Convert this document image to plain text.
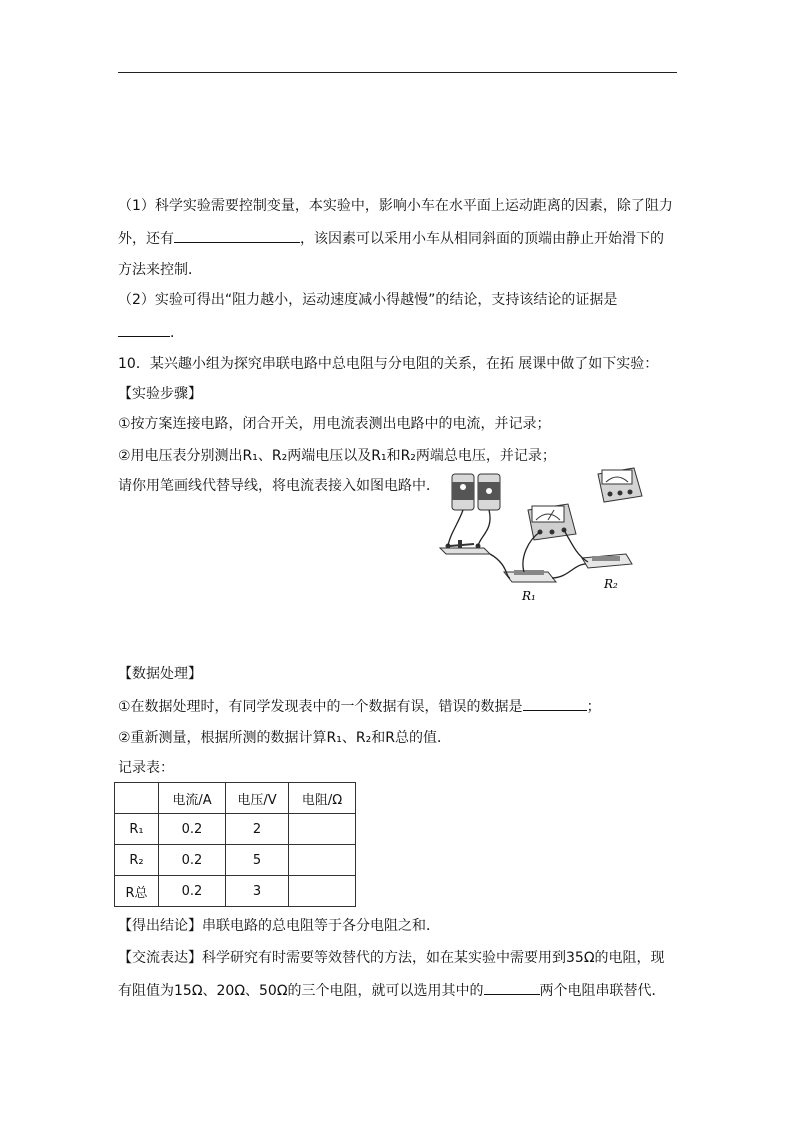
（1）科学实验需要控制变量，本实验中，影响小车在水平面上运动距离的因素，除了阻力
外，还有	，该因素可以采用小车从相同斜面的顶端由静止开始滑下的
方法来控制．
（2）实验可得出“阻力越小，运动速度减小得越慢”的结论，支持该结论的证据是
．
10．某兴趣小组为探究串联电路中总电阻与分电阻的关系，在拓 展课中做了如下实验：
【实验步骤】
①按方案连接电路，闭合开关，用电流表测出电路中的电流，并记录；
②用电压表分别测出R₁、R₂两端电压以及R₁和R₂两端总电压，并记录；
请你用笔画线代替导线，将电流表接入如图电路中．
R₁
R₂
【数据处理】
①在数据处理时，有同学发现表中的一个数据有误，错误的数据是	；
②重新测量，根据所测的数据计算R₁、R₂和R总的值．
记录表：
	电流/A	电压/V	电阻/Ω
R₁	0.2	2	
R₂	0.2	5	
R总	0.2	3	
【得出结论】串联电路的总电阻等于各分电阻之和．
【交流表达】科学研究有时需要等效替代的方法，如在某实验中需要用到35Ω的电阻，现
有阻值为15Ω、20Ω、50Ω的三个电阻，就可以选用其中的	两个电阻串联替代．
